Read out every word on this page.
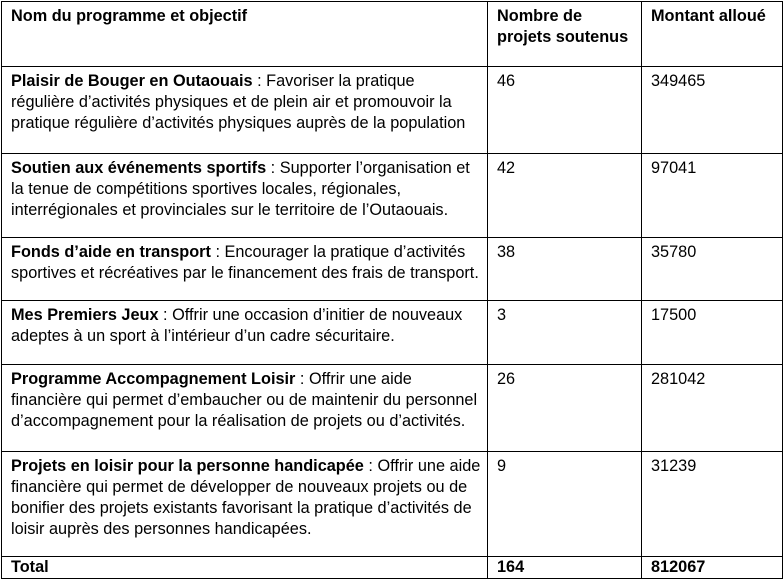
Nom du programme et objectif	Nombre de projets soutenus	Montant alloué
Plaisir de Bouger en Outaouais : Favoriser la pratique régulière d’activités physiques et de plein air et promouvoir la pratique régulière d’activités physiques auprès de la population	46	349465
Soutien aux événements sportifs : Supporter l’organisation et la tenue de compétitions sportives locales, régionales, interrégionales et provinciales sur le territoire de l’Outaouais.	42	97041
Fonds d’aide en transport : Encourager la pratique d’activités sportives et récréatives par le financement des frais de transport.	38	35780
Mes Premiers Jeux : Offrir une occasion d’initier de nouveaux adeptes à un sport à l’intérieur d’un cadre sécuritaire.	3	17500
Programme Accompagnement Loisir : Offrir une aide financière qui permet d’embaucher ou de maintenir du personnel d’accompagnement pour la réalisation de projets ou d’activités.	26	281042
Projets en loisir pour la personne handicapée : Offrir une aide financière qui permet de développer de nouveaux projets ou de bonifier des projets existants favorisant la pratique d’activités de loisir auprès des personnes handicapées.	9	31239
Total	164	812067
